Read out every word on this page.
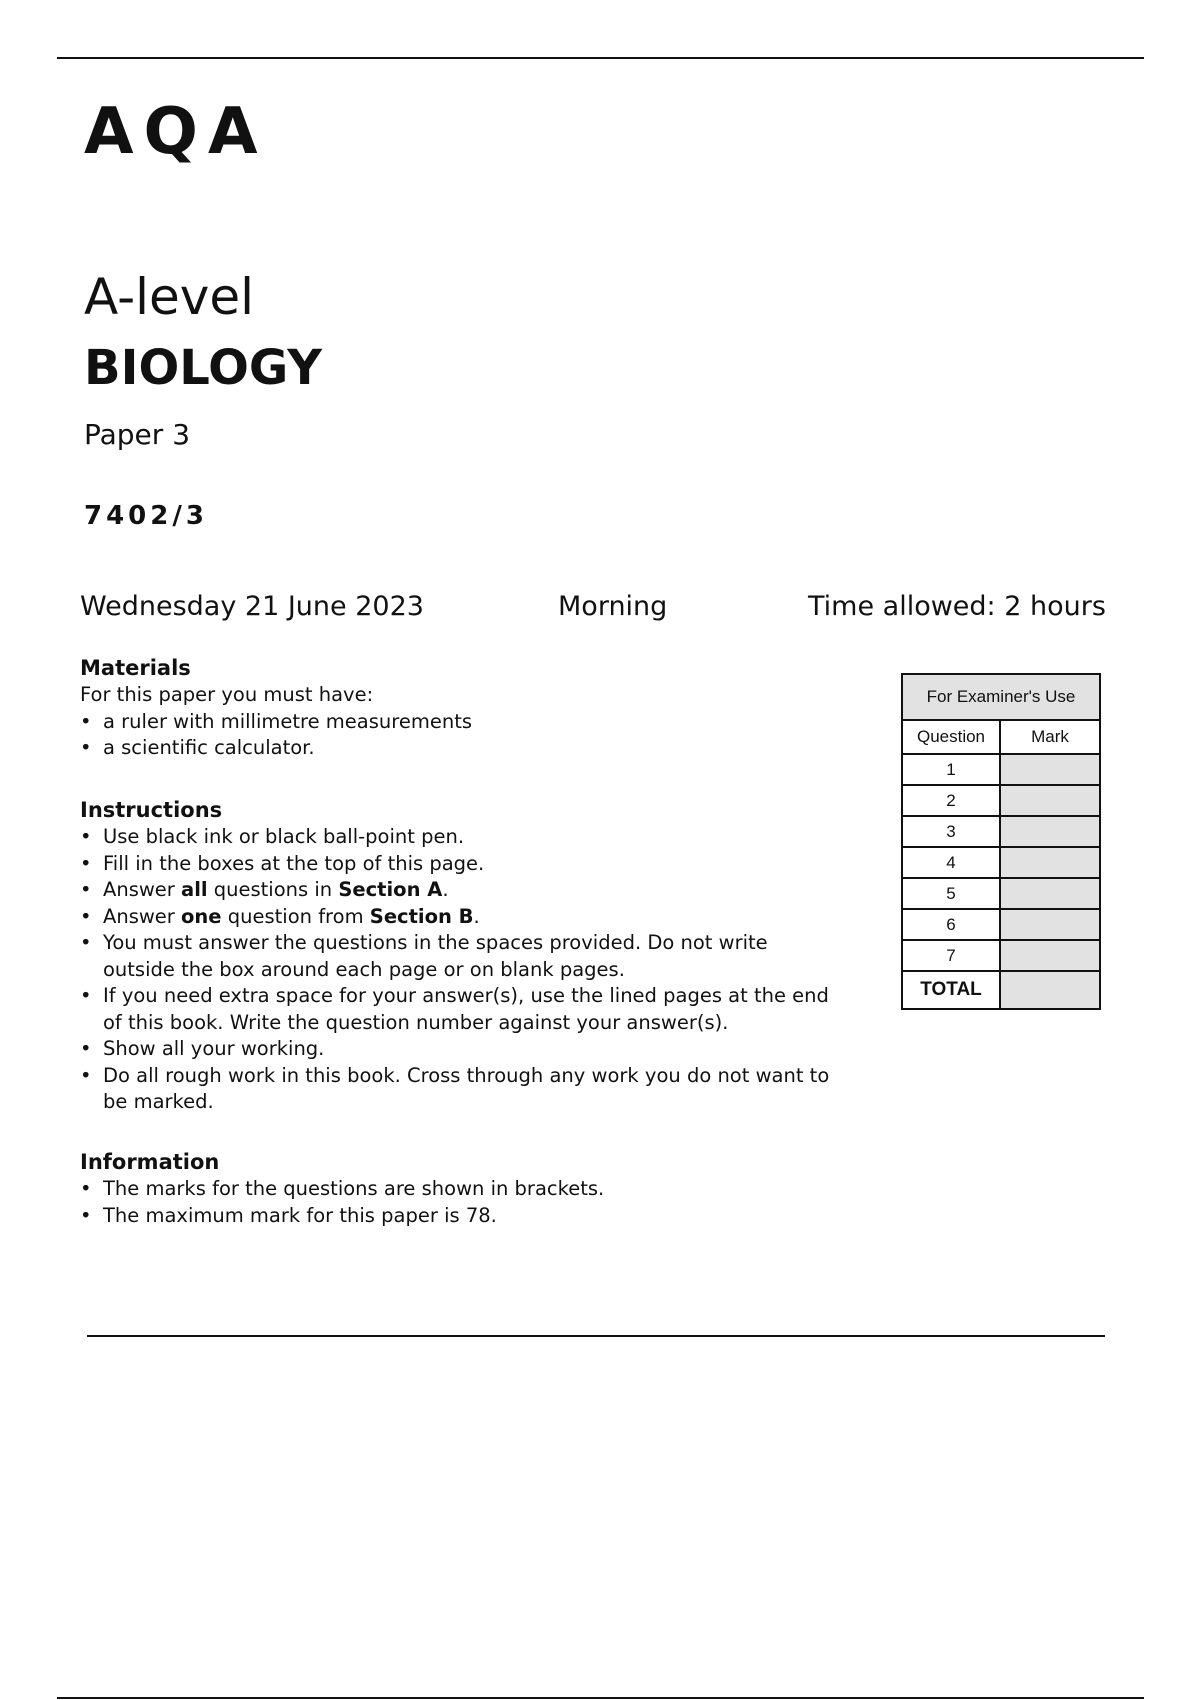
AQA
A-level
BIOLOGY
Paper 3
7402/3
Wednesday 21 June 2023	Morning	Time allowed: 2 hours
Materials

For this paper you must have:

• a ruler with millimetre measurements
• a scientific calculator.
Instructions
• Use black ink or black ball-point pen.
• Fill in the boxes at the top of this page.
• Answer all questions in Section A.
• Answer one question from Section B.
• You must answer the questions in the spaces provided. Do not write outside the box around each page or on blank pages.
• If you need extra space for your answer(s), use the lined pages at the end of this book. Write the question number against your answer(s).
• Show all your working.
• Do all rough work in this book. Cross through any work you do not want to be marked.
Information
• The marks for the questions are shown in brackets.
• The maximum mark for this paper is 78.
For Examiner's Use	
Question	Mark
1	
2	
3	
4	
5	
6	
7	
TOTAL	
